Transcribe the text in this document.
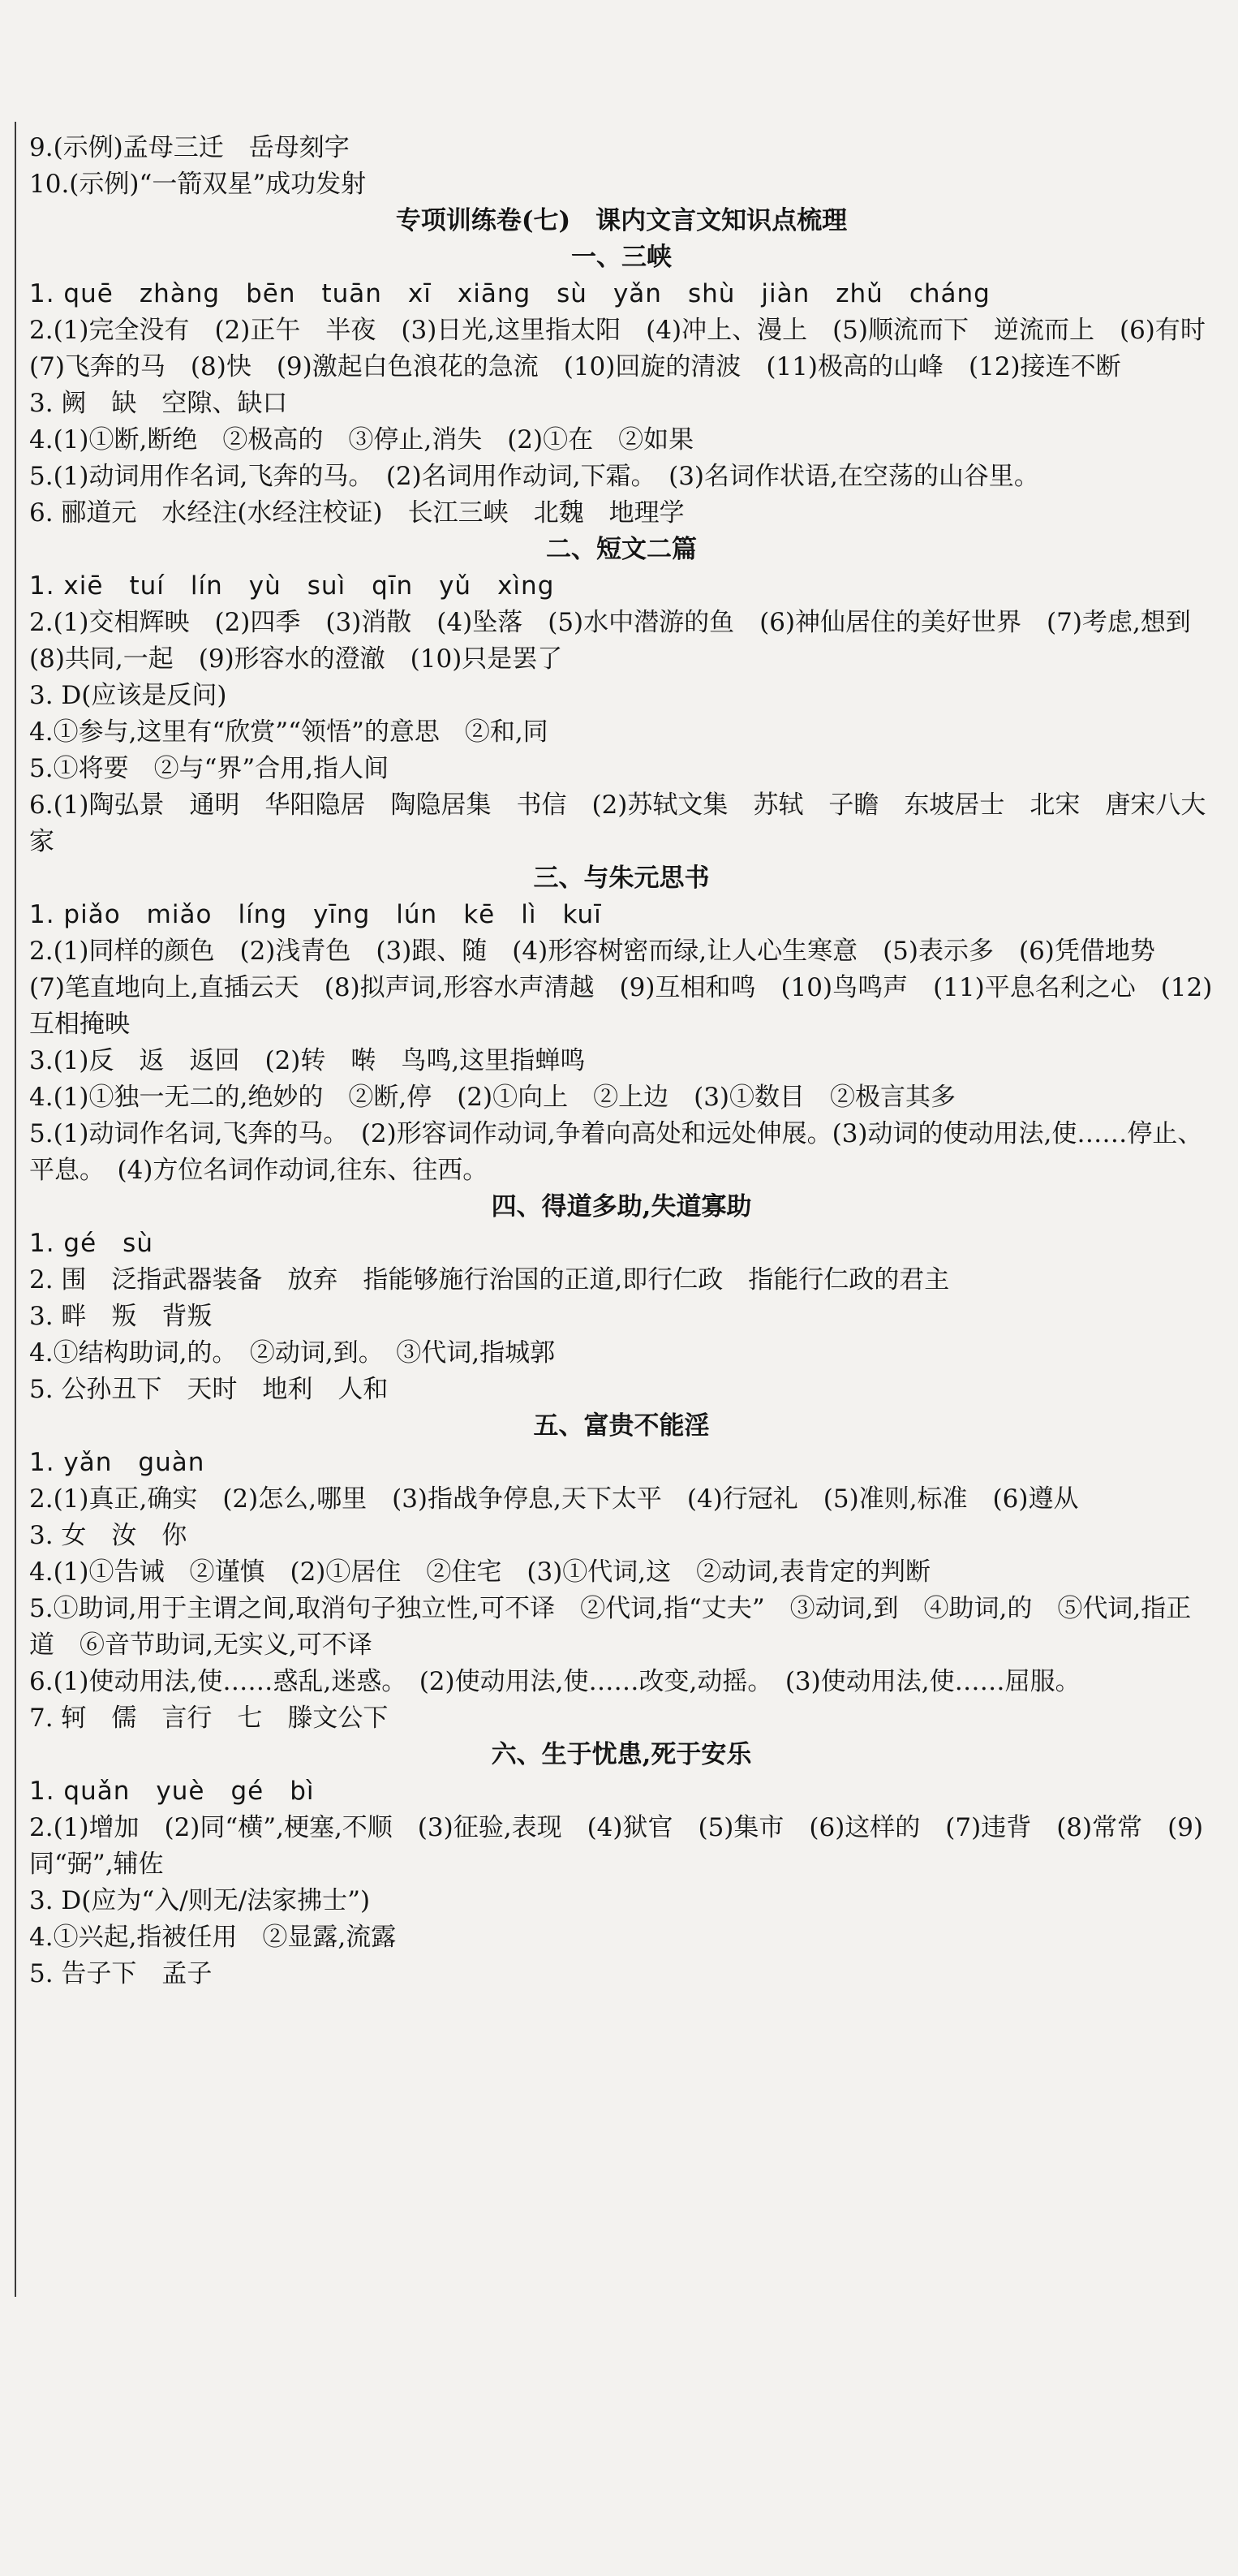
9.(示例)孟母三迁　岳母刻字

10.(示例)“一箭双星”成功发射

专项训练卷(七)　课内文言文知识点梳理

一、三峡

1. quē　zhàng　bēn　tuān　xī　xiāng　sù　yǎn　shù　jiàn　zhǔ　cháng

2.(1)完全没有　(2)正午　半夜　(3)日光,这里指太阳　(4)冲上、漫上　(5)顺流而下　逆流而上　(6)有时　(7)飞奔的马　(8)快　(9)激起白色浪花的急流　(10)回旋的清波　(11)极高的山峰　(12)接连不断

3. 阙　缺　空隙、缺口

4.(1)①断,断绝　②极高的　③停止,消失　(2)①在　②如果

5.(1)动词用作名词,飞奔的马。　(2)名词用作动词,下霜。　(3)名词作状语,在空荡的山谷里。

6. 郦道元　水经注(水经注校证)　长江三峡　北魏　地理学

二、短文二篇

1. xiē　tuí　lín　yù　suì　qīn　yǔ　xìng

2.(1)交相辉映　(2)四季　(3)消散　(4)坠落　(5)水中潜游的鱼　(6)神仙居住的美好世界　(7)考虑,想到　(8)共同,一起　(9)形容水的澄澈　(10)只是罢了

3. D(应该是反问)

4.①参与,这里有“欣赏”“领悟”的意思　②和,同

5.①将要　②与“界”合用,指人间

6.(1)陶弘景　通明　华阳隐居　陶隐居集　书信　(2)苏轼文集　苏轼　子瞻　东坡居士　北宋　唐宋八大家

三、与朱元思书

1. piǎo　miǎo　líng　yīng　lún　kē　lì　kuī

2.(1)同样的颜色　(2)浅青色　(3)跟、随　(4)形容树密而绿,让人心生寒意　(5)表示多　(6)凭借地势　(7)笔直地向上,直插云天　(8)拟声词,形容水声清越　(9)互相和鸣　(10)鸟鸣声　(11)平息名利之心　(12)互相掩映

3.(1)反　返　返回　(2)转　啭　鸟鸣,这里指蝉鸣

4.(1)①独一无二的,绝妙的　②断,停　(2)①向上　②上边　(3)①数目　②极言其多

5.(1)动词作名词,飞奔的马。　(2)形容词作动词,争着向高处和远处伸展。(3)动词的使动用法,使……停止、平息。　(4)方位名词作动词,往东、往西。

四、得道多助,失道寡助

1. gé　sù

2. 围　泛指武器装备　放弃　指能够施行治国的正道,即行仁政　指能行仁政的君主

3. 畔　叛　背叛

4.①结构助词,的。　②动词,到。　③代词,指城郭

5. 公孙丑下　天时　地利　人和

五、富贵不能淫

1. yǎn　guàn

2.(1)真正,确实　(2)怎么,哪里　(3)指战争停息,天下太平　(4)行冠礼　(5)准则,标准　(6)遵从

3. 女　汝　你

4.(1)①告诫　②谨慎　(2)①居住　②住宅　(3)①代词,这　②动词,表肯定的判断

5.①助词,用于主谓之间,取消句子独立性,可不译　②代词,指“丈夫”　③动词,到　④助词,的　⑤代词,指正道　⑥音节助词,无实义,可不译

6.(1)使动用法,使……惑乱,迷惑。　(2)使动用法,使……改变,动摇。　(3)使动用法,使……屈服。

7. 轲　儒　言行　七　滕文公下

六、生于忧患,死于安乐

1. quǎn　yuè　gé　bì

2.(1)增加　(2)同“横”,梗塞,不顺　(3)征验,表现　(4)狱官　(5)集市　(6)这样的　(7)违背　(8)常常　(9)同“弼”,辅佐

3. D(应为“入/则无/法家拂士”)

4.①兴起,指被任用　②显露,流露

5. 告子下　孟子
